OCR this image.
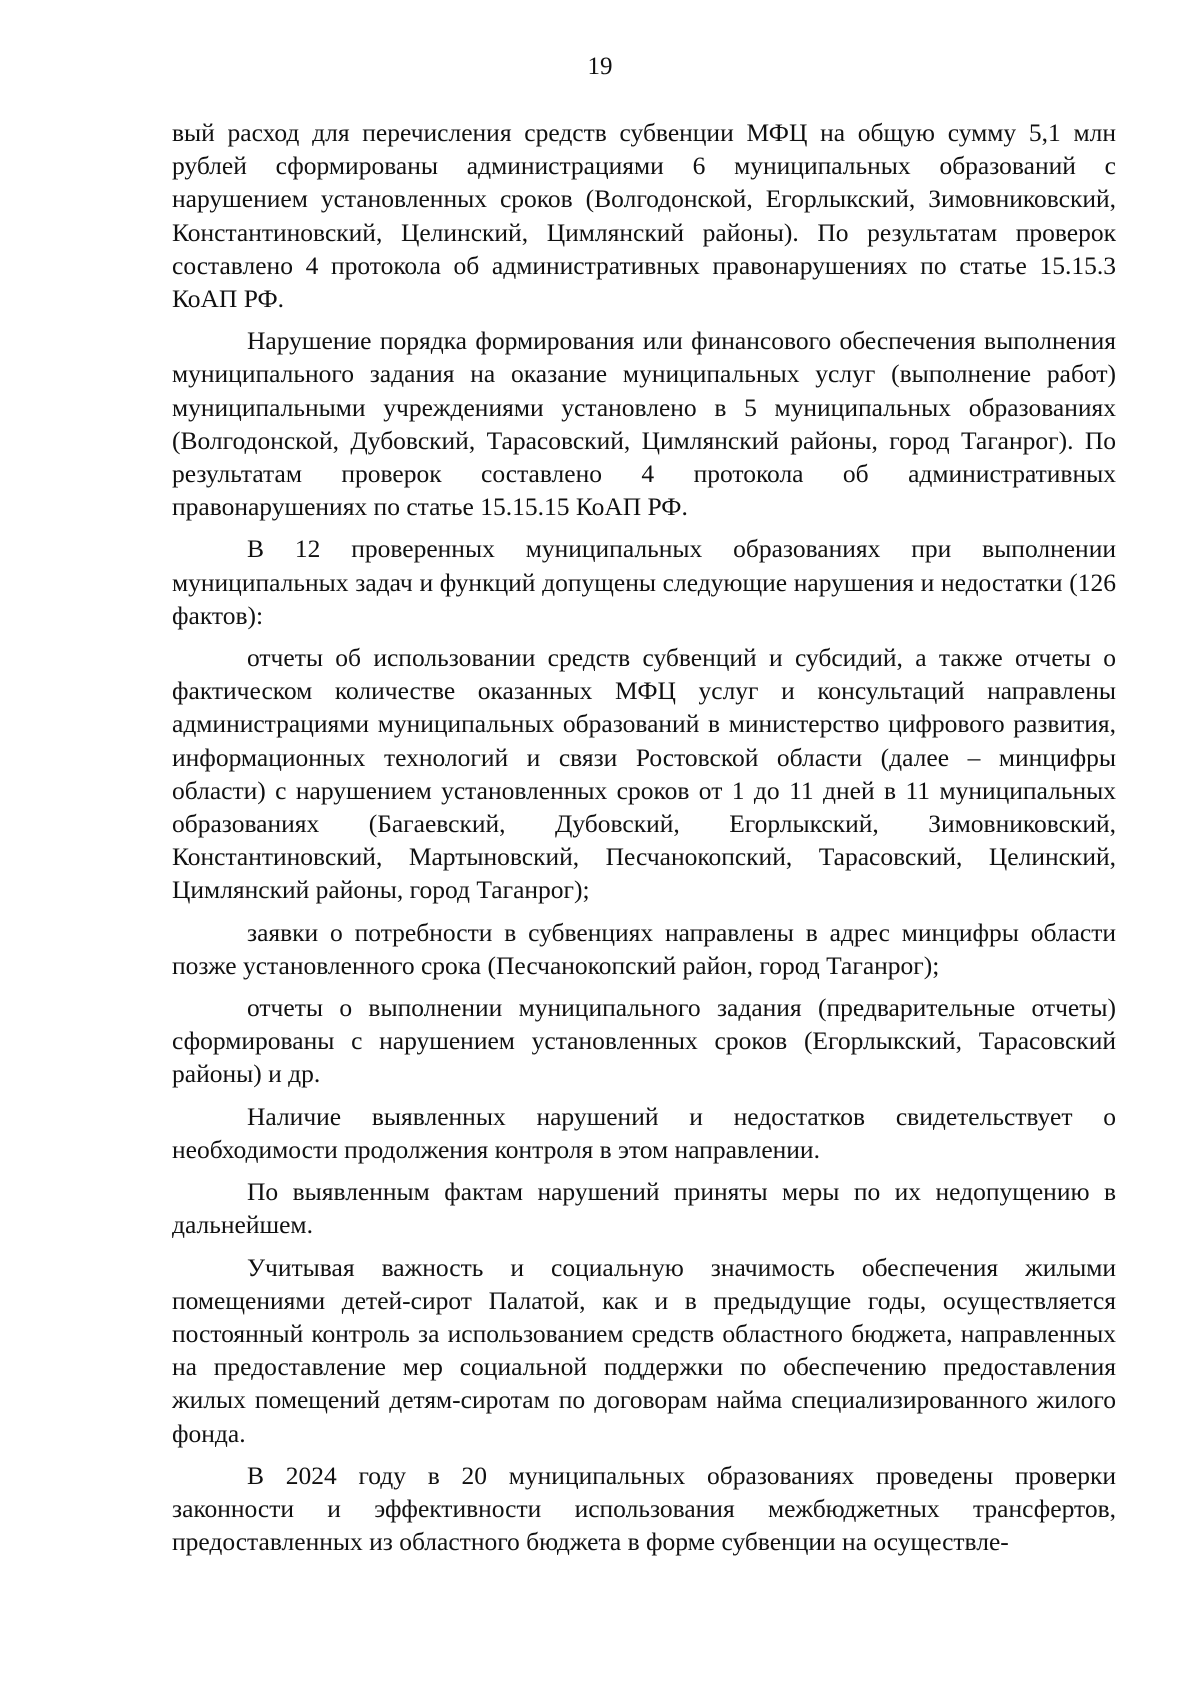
19

вый расход для перечисления средств субвенции МФЦ на общую сумму 5,1 млн рублей сформированы администрациями 6 муниципальных образований с нарушением установленных сроков (Волгодонской, Егорлыкский, Зимовниковский, Константиновский, Целинский, Цимлянский районы). По результатам проверок составлено 4 протокола об административных правонарушениях по статье 15.15.3 КоАП РФ.

Нарушение порядка формирования или финансового обеспечения выполнения муниципального задания на оказание муниципальных услуг (выполнение работ) муниципальными учреждениями установлено в 5 муниципальных образованиях (Волгодонской, Дубовский, Тарасовский, Цимлянский районы, город Таганрог). По результатам проверок составлено 4 протокола об административных правонарушениях по статье 15.15.15 КоАП РФ.

В 12 проверенных муниципальных образованиях при выполнении муниципальных задач и функций допущены следующие нарушения и недостатки (126 фактов):

отчеты об использовании средств субвенций и субсидий, а также отчеты о фактическом количестве оказанных МФЦ услуг и консультаций направлены администрациями муниципальных образований в министерство цифрового развития, информационных технологий и связи Ростовской области (далее – минцифры области) с нарушением установленных сроков от 1 до 11 дней в 11 муниципальных образованиях (Багаевский, Дубовский, Егорлыкский, Зимовниковский, Константиновский, Мартыновский, Песчанокопский, Тарасовский, Целинский, Цимлянский районы, город Таганрог);

заявки о потребности в субвенциях направлены в адрес минцифры области позже установленного срока (Песчанокопский район, город Таганрог);

отчеты о выполнении муниципального задания (предварительные отчеты) сформированы с нарушением установленных сроков (Егорлыкский, Тарасовский районы) и др.

Наличие выявленных нарушений и недостатков свидетельствует о необходимости продолжения контроля в этом направлении.

По выявленным фактам нарушений приняты меры по их недопущению в дальнейшем.

Учитывая важность и социальную значимость обеспечения жилыми помещениями детей-сирот Палатой, как и в предыдущие годы, осуществляется постоянный контроль за использованием средств областного бюджета, направленных на предоставление мер социальной поддержки по обеспечению предоставления жилых помещений детям-сиротам по договорам найма специализированного жилого фонда.

В 2024 году в 20 муниципальных образованиях проведены проверки законности и эффективности использования межбюджетных трансфертов, предоставленных из областного бюджета в форме субвенции на осуществле-
